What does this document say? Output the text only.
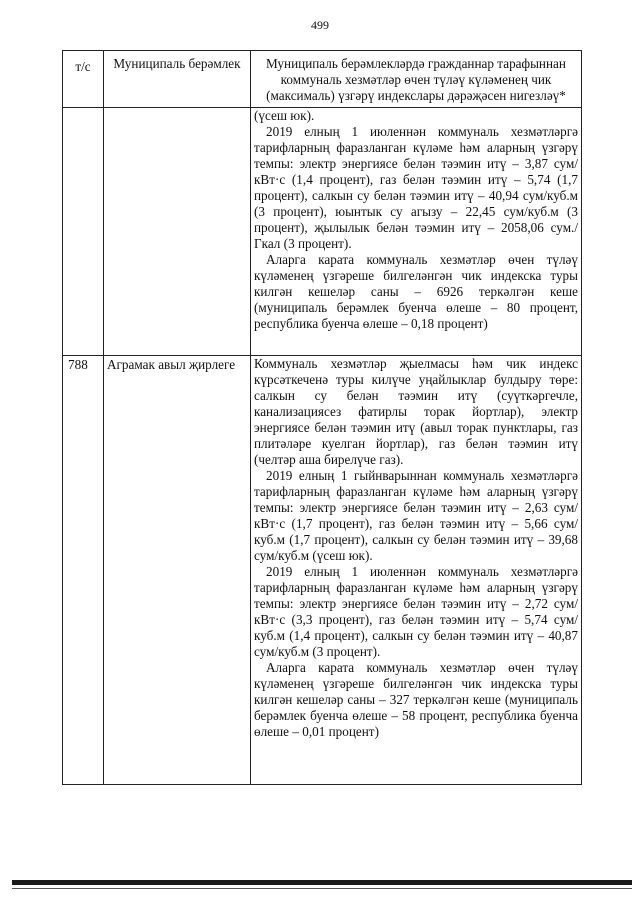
499
т/с	Муниципаль берәмлек	Муниципаль берәмлекләрдә гражданнар тарафыннан коммуналь хезмәтләр өчен түләү күләменең чик (максималь) үзгәрү индекслары дәрәҗәсен нигезләү*

		(үсеш юк).

2019 елның 1 июленнән коммуналь хезмәтләргә тарифларның фаразланган күләме һәм аларның үзгәрү темпы: электр энергиясе белән тәэмин итү – 3,87 сум/кВт·с (1,4 процент), газ белән тәэмин итү – 5,74 (1,7 процент), салкын су белән тәэмин итү – 40,94 сум/куб.м (3 процент), юынтык су агызу – 22,45 сум/куб.м (3 процент), җылылык белән тәэмин итү – 2058,06 сум./Гкал (3 процент).

Аларга карата коммуналь хезмәтләр өчен түләү күләменең үзгәреше билгеләнгән чик индекска туры килгән кешеләр саны – 6926 теркәлгән кеше (муниципаль берәмлек буенча өлеше – 80 процент, республика буенча өлеше – 0,18 процент)

788	Аграмак авыл җирлеге	Коммуналь хезмәтләр җыелмасы һәм чик индекс күрсәткеченә туры килүче уңайлыклар булдыру төре: салкын су белән тәэмин итү (суүткәргечле, канализациясез фатирлы торак йортлар), электр энергиясе белән тәэмин итү (авыл торак пунктлары, газ плитәләре куелган йортлар), газ белән тәэмин итү (челтәр аша бирелүче газ).

2019 елның 1 гыйнварыннан коммуналь хезмәтләргә тарифларның фаразланган күләме һәм аларның үзгәрү темпы: электр энергиясе белән тәэмин итү – 2,63 сум/кВт·с (1,7 процент), газ белән тәэмин итү – 5,66 сум/куб.м (1,7 процент), салкын су белән тәэмин итү – 39,68 сум/куб.м (үсеш юк).

2019 елның 1 июленнән коммуналь хезмәтләргә тарифларның фаразланган күләме һәм аларның үзгәрү темпы: электр энергиясе белән тәэмин итү – 2,72 сум/кВт·с (3,3 процент), газ белән тәэмин итү – 5,74 сум/куб.м (1,4 процент), салкын су белән тәэмин итү – 40,87 сум/куб.м (3 процент).

Аларга карата коммуналь хезмәтләр өчен түләү күләменең үзгәреше билгеләнгән чик индекска туры килгән кешеләр саны – 327 теркәлгән кеше (муниципаль берәмлек буенча өлеше – 58 процент, республика буенча өлеше – 0,01 процент)
